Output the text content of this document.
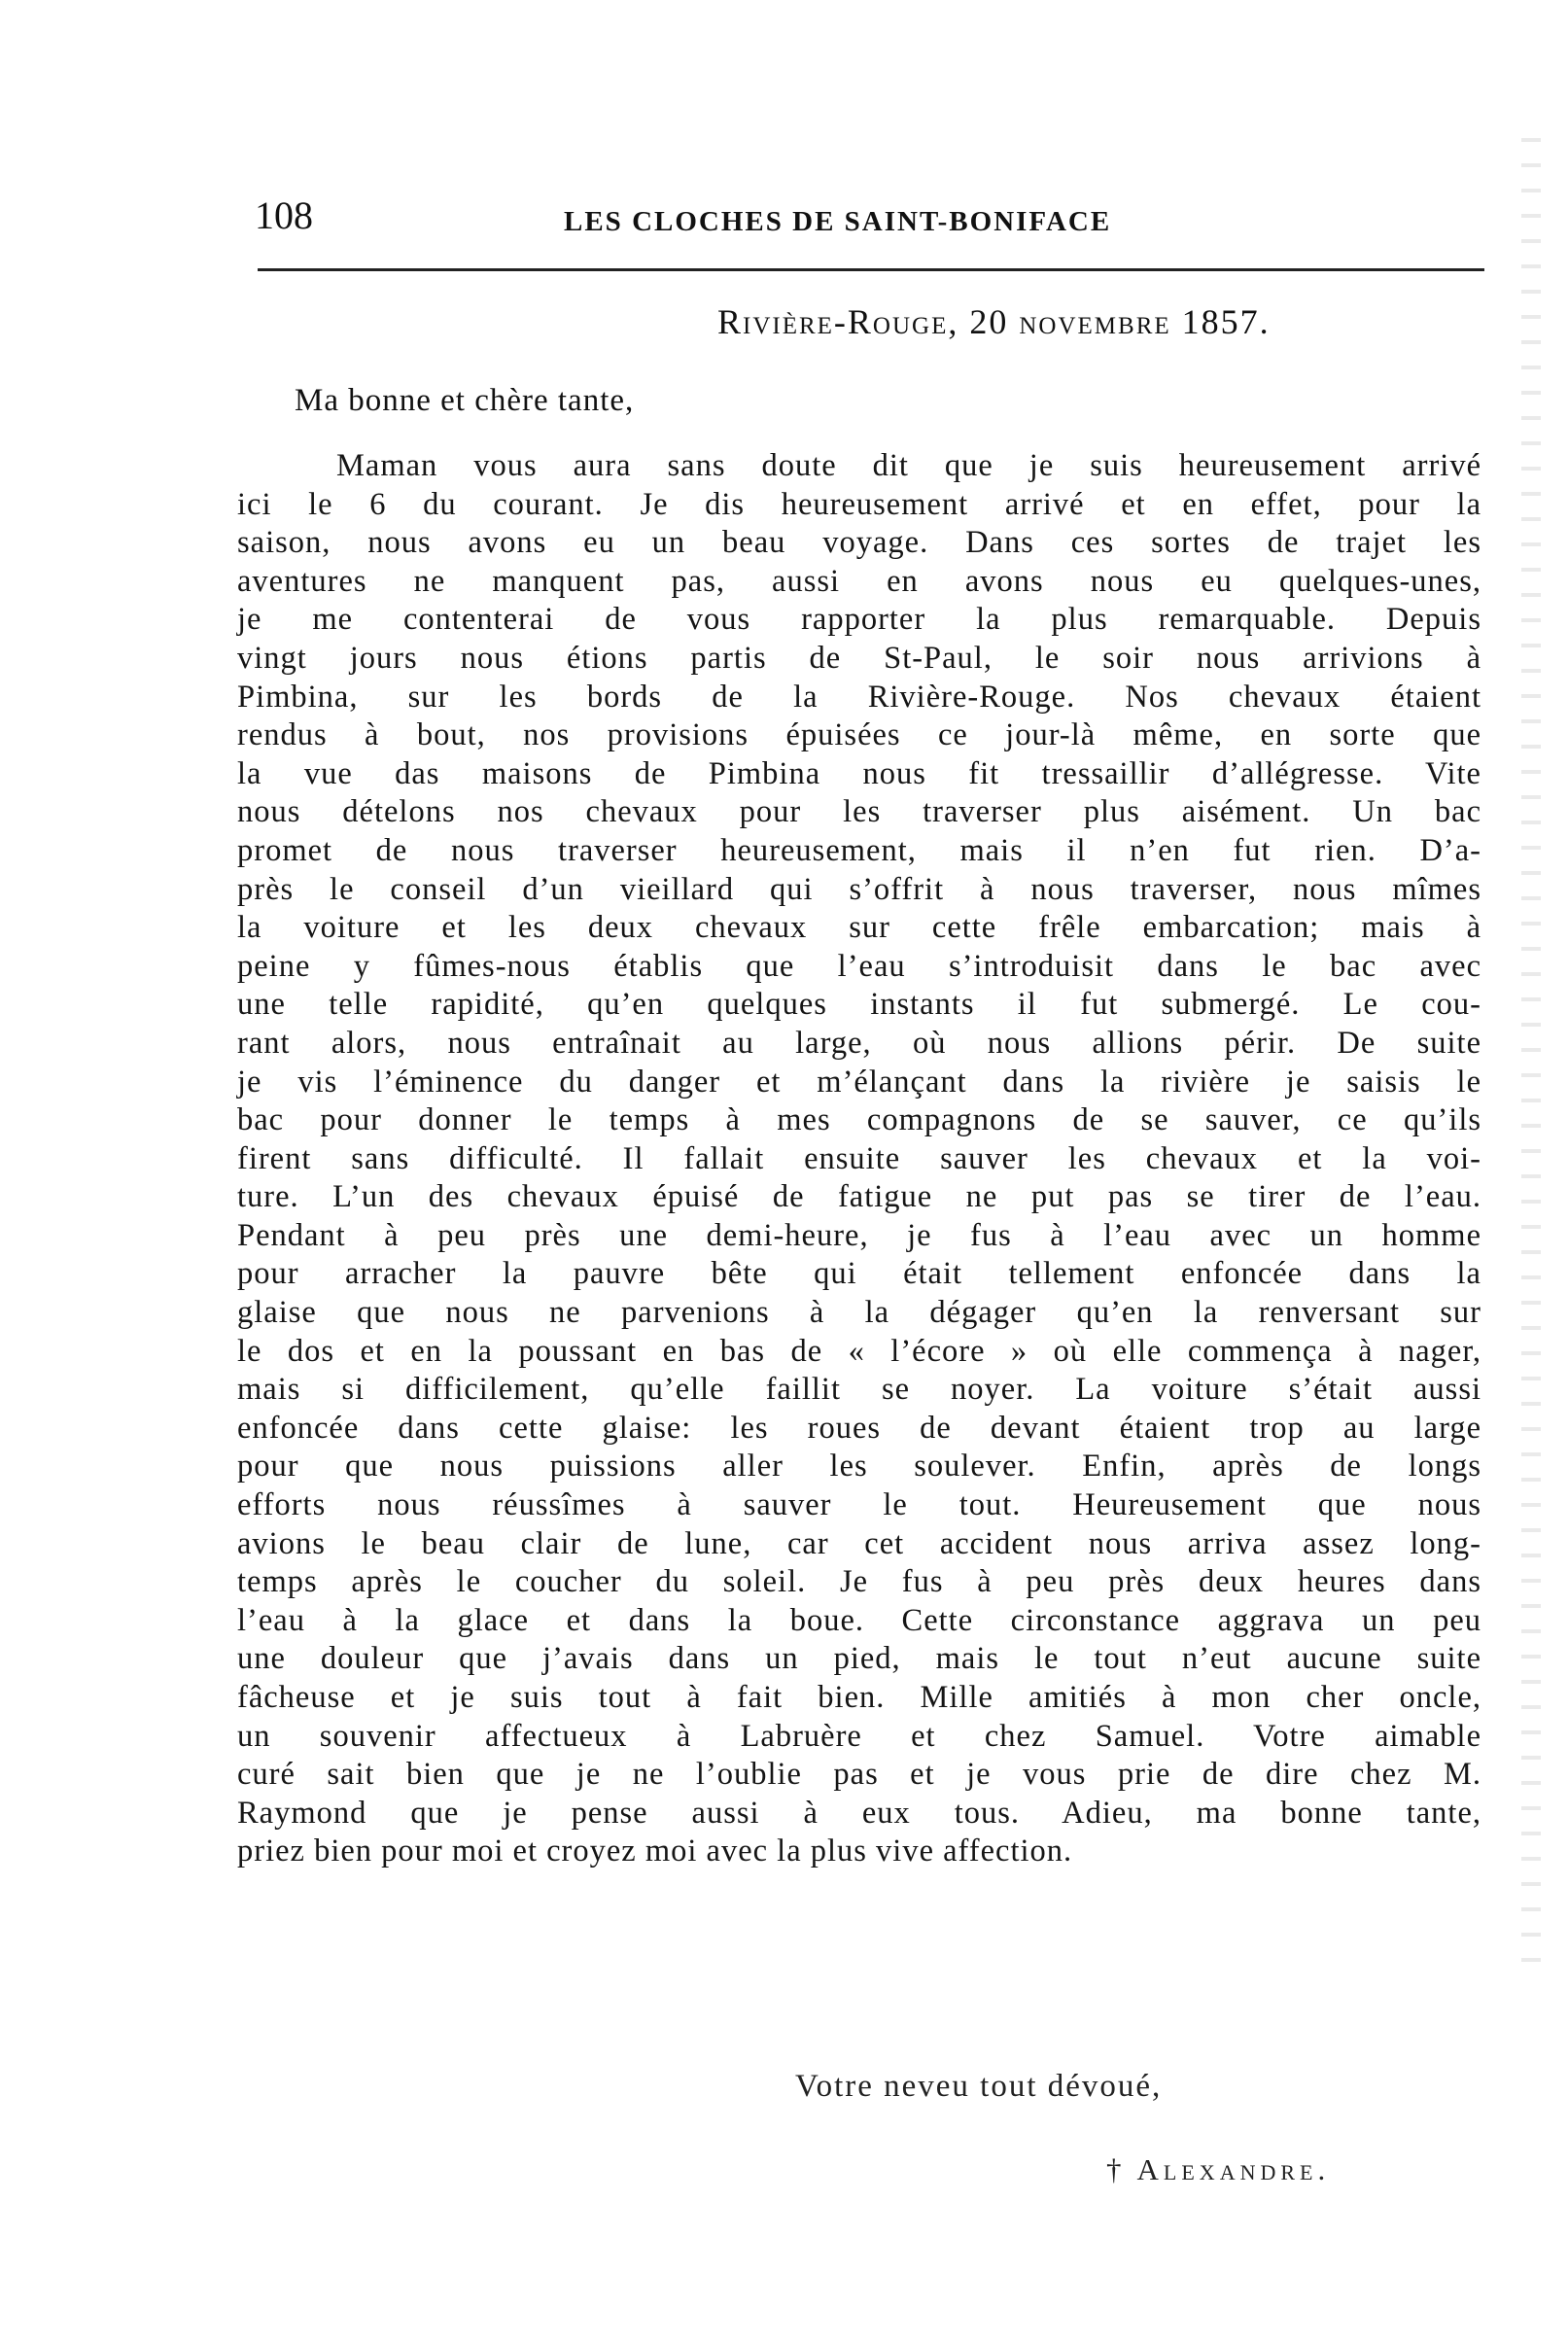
108	LES CLOCHES DE SAINT-BONIFACE
Rivière-Rouge, 20 novembre 1857.
Ma bonne et chère tante,
Maman vous aura sans doute dit que je suis heureusement arrivé
ici le 6 du courant. Je dis heureusement arrivé et en effet, pour la
saison, nous avons eu un beau voyage. Dans ces sortes de trajet les
aventures ne manquent pas, aussi en avons nous eu quelques-unes,
je me contenterai de vous rapporter la plus remarquable. Depuis
vingt jours nous étions partis de St-Paul, le soir nous arrivions à
Pimbina, sur les bords de la Rivière-Rouge. Nos chevaux étaient
rendus à bout, nos provisions épuisées ce jour-là même, en sorte que
la vue das maisons de Pimbina nous fit tressaillir d’allégresse. Vite
nous dételons nos chevaux pour les traverser plus aisément. Un bac
promet de nous traverser heureusement, mais il n’en fut rien. D’a-
près le conseil d’un vieillard qui s’offrit à nous traverser, nous mîmes
la voiture et les deux chevaux sur cette frêle embarcation; mais à
peine y fûmes-nous établis que l’eau s’introduisit dans le bac avec
une telle rapidité, qu’en quelques instants il fut submergé. Le cou-
rant alors, nous entraînait au large, où nous allions périr. De suite
je vis l’éminence du danger et m’élançant dans la rivière je saisis le
bac pour donner le temps à mes compagnons de se sauver, ce qu’ils
firent sans difficulté. Il fallait ensuite sauver les chevaux et la voi-
ture. L’un des chevaux épuisé de fatigue ne put pas se tirer de l’eau.
Pendant à peu près une demi-heure, je fus à l’eau avec un homme
pour arracher la pauvre bête qui était tellement enfoncée dans la
glaise que nous ne parvenions à la dégager qu’en la renversant sur
le dos et en la poussant en bas de « l’écore » où elle commença à nager,
mais si difficilement, qu’elle faillit se noyer. La voiture s’était aussi
enfoncée dans cette glaise: les roues de devant étaient trop au large
pour que nous puissions aller les soulever. Enfin, après de longs
efforts nous réussîmes à sauver le tout. Heureusement que nous
avions le beau clair de lune, car cet accident nous arriva assez long-
temps après le coucher du soleil. Je fus à peu près deux heures dans
l’eau à la glace et dans la boue. Cette circonstance aggrava un peu
une douleur que j’avais dans un pied, mais le tout n’eut aucune suite
fâcheuse et je suis tout à fait bien. Mille amitiés à mon cher oncle,
un souvenir affectueux à Labruère et chez Samuel. Votre aimable
curé sait bien que je ne l’oublie pas et je vous prie de dire chez M.
Raymond que je pense aussi à eux tous. Adieu, ma bonne tante,
priez bien pour moi et croyez moi avec la plus vive affection.
Votre neveu tout dévoué,
† Alexandre.
